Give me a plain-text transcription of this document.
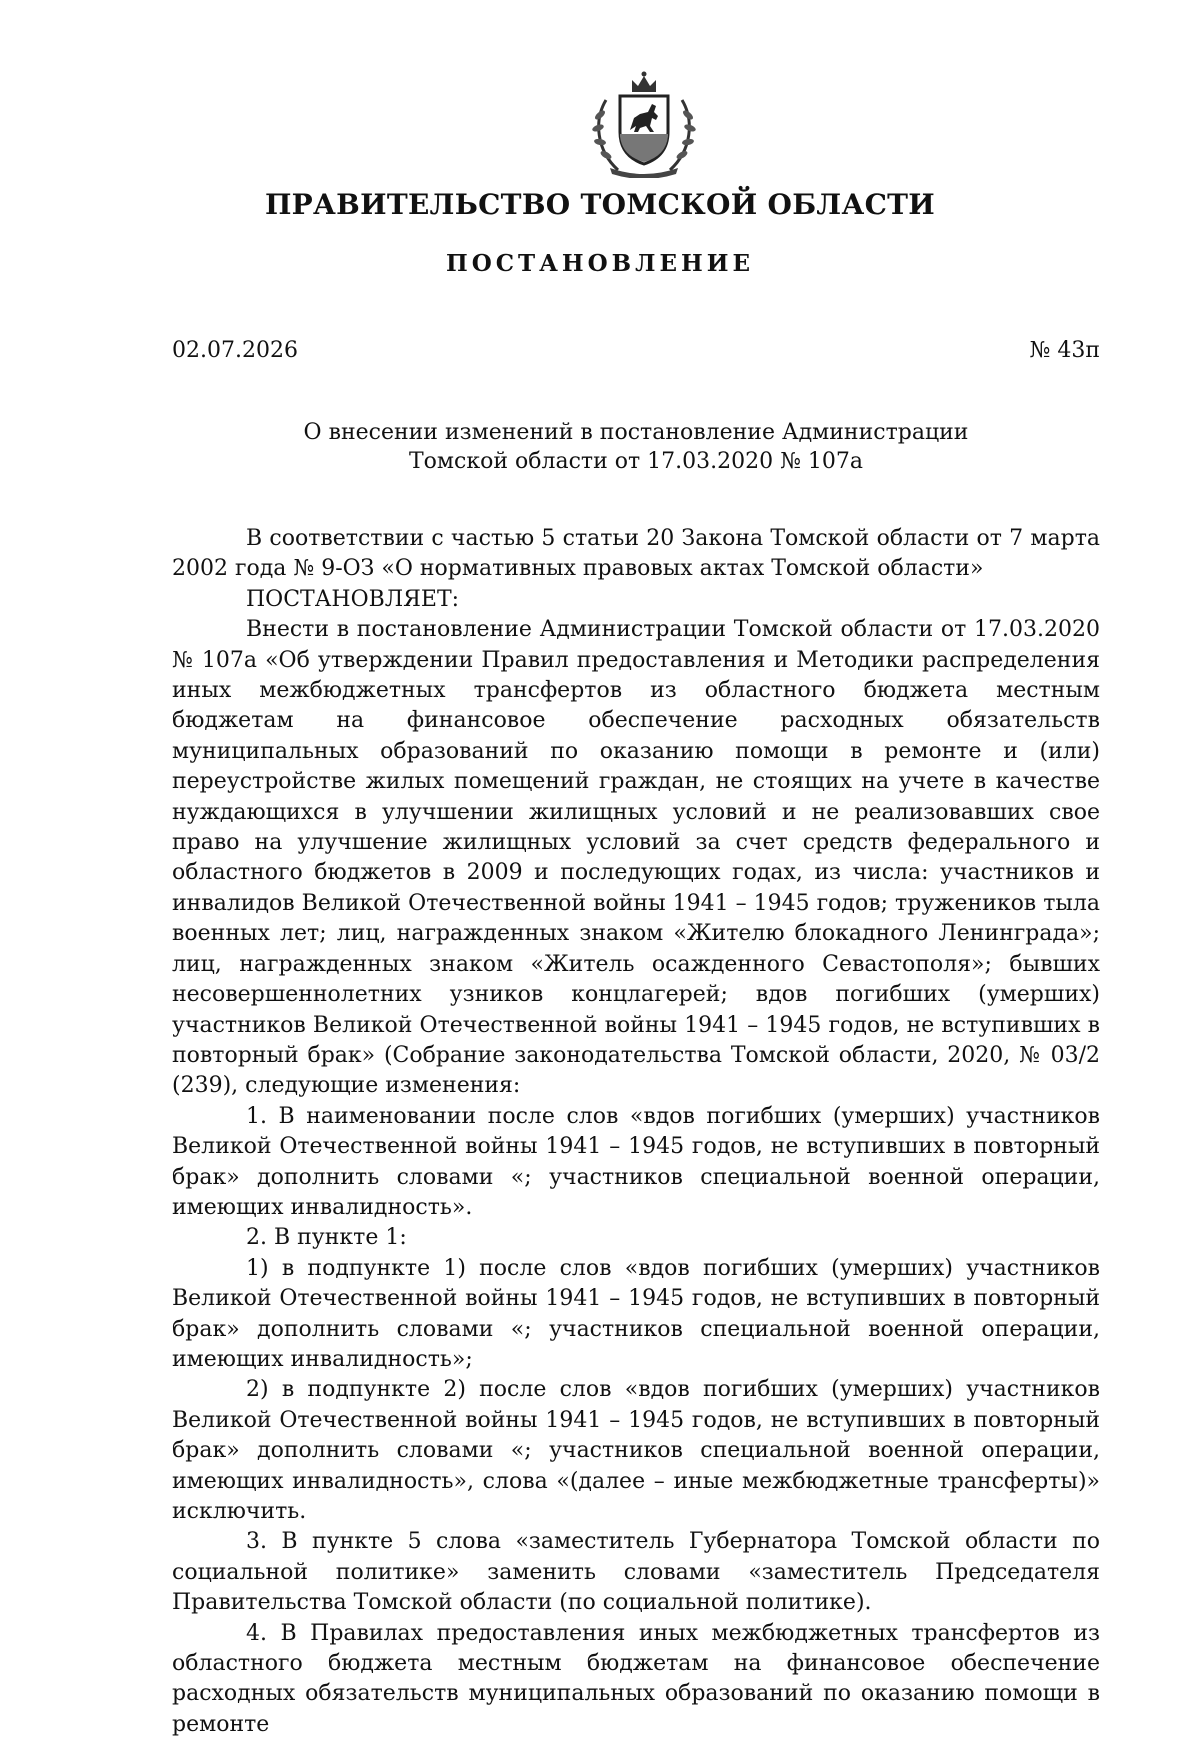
ПРАВИТЕЛЬСТВО ТОМСКОЙ ОБЛАСТИ
ПОСТАНОВЛЕНИЕ
02.07.2026	№ 43п
О внесении изменений в постановление Администрации
Томской области от 17.03.2020 № 107а

В соответствии с частью 5 статьи 20 Закона Томской области от 7 марта 2002 года № 9-ОЗ «О нормативных правовых актах Томской области»

ПОСТАНОВЛЯЕТ:

Внести в постановление Администрации Томской области от 17.03.2020 № 107а «Об утверждении Правил предоставления и Методики распределения иных межбюджетных трансфертов из областного бюджета местным бюджетам на финансовое обеспечение расходных обязательств муниципальных образований по оказанию помощи в ремонте и (или) переустройстве жилых помещений граждан, не стоящих на учете в качестве нуждающихся в улучшении жилищных условий и не реализовавших свое право на улучшение жилищных условий за счет средств федерального и областного бюджетов в 2009 и последующих годах, из числа: участников и инвалидов Великой Отечественной войны 1941 – 1945 годов; тружеников тыла военных лет; лиц, награжденных знаком «Жителю блокадного Ленинграда»; лиц, награжденных знаком «Житель осажденного Севастополя»; бывших несовершеннолетних узников концлагерей; вдов погибших (умерших) участников Великой Отечественной войны 1941 – 1945 годов, не вступивших в повторный брак» (Собрание законодательства Томской области, 2020, № 03/2 (239), следующие изменения:

1. В наименовании после слов «вдов погибших (умерших) участников Великой Отечественной войны 1941 – 1945 годов, не вступивших в повторный брак» дополнить словами «; участников специальной военной операции, имеющих инвалидность».

2. В пункте 1:

1) в подпункте 1) после слов «вдов погибших (умерших) участников Великой Отечественной войны 1941 – 1945 годов, не вступивших в повторный брак» дополнить словами «; участников специальной военной операции, имеющих инвалидность»;

2) в подпункте 2) после слов «вдов погибших (умерших) участников Великой Отечественной войны 1941 – 1945 годов, не вступивших в повторный брак» дополнить словами «; участников специальной военной операции, имеющих инвалидность», слова «(далее – иные межбюджетные трансферты)» исключить.

3. В пункте 5 слова «заместитель Губернатора Томской области по социальной политике» заменить словами «заместитель Председателя Правительства Томской области (по социальной политике).

4. В Правилах предоставления иных межбюджетных трансфертов из областного бюджета местным бюджетам на финансовое обеспечение расходных обязательств муниципальных образований по оказанию помощи в ремонте
